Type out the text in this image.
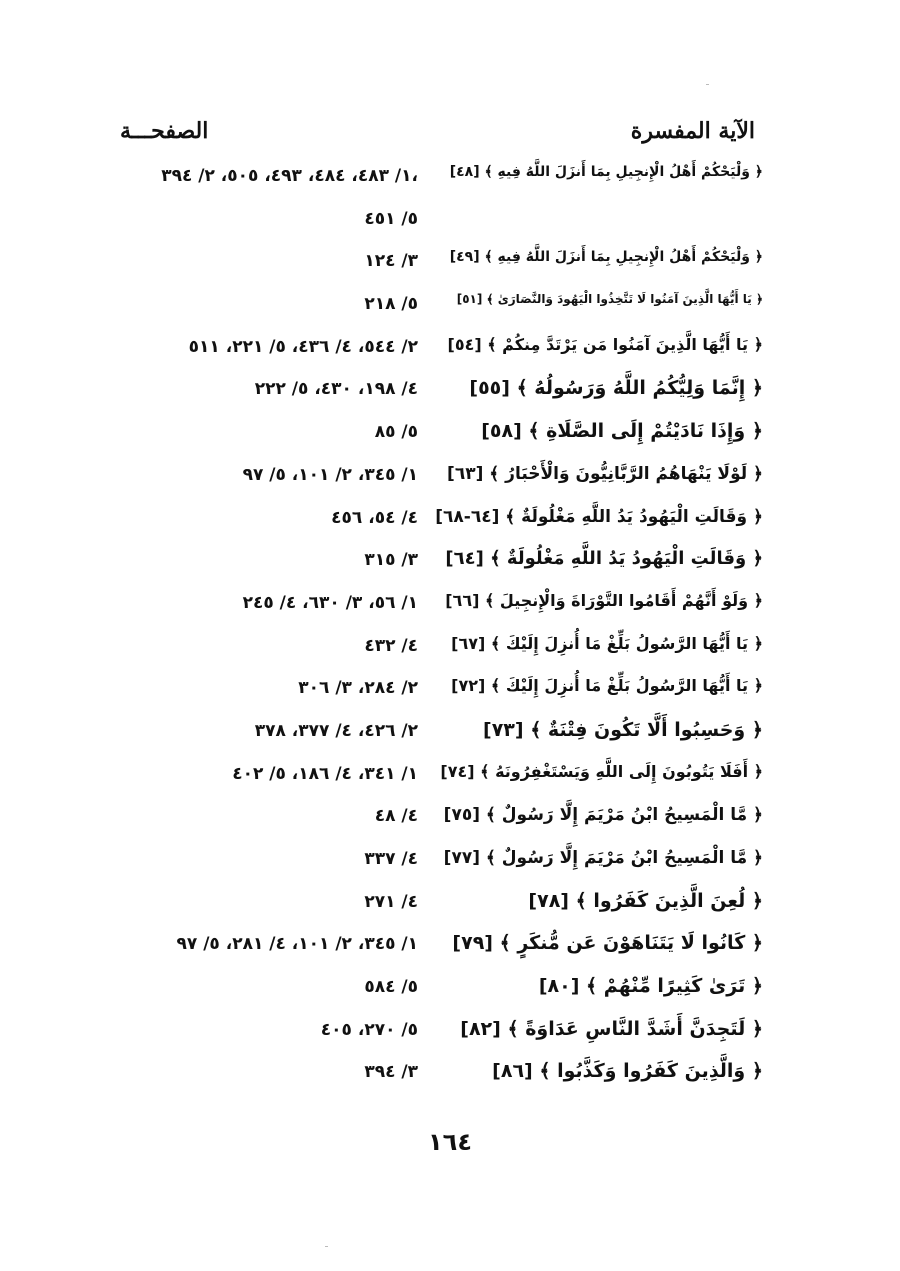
الآية المفسرة
الصفحـــة
﴿ وَلْيَحْكُمْ أَهْلُ الْإِنجِيلِ بِمَا أَنزَلَ اللَّهُ فِيهِ ﴾ [٤٨]
١/ ٤٨٣، ٤٨٤، ٤٩٣، ٥٠٥، ٢/ ٣٩٤،
٥/ ٤٥١
﴿ وَلْيَحْكُمْ أَهْلُ الْإِنجِيلِ بِمَا أَنزَلَ اللَّهُ فِيهِ ﴾ [٤٩]
٣/ ١٢٤
﴿ يَا أَيُّهَا الَّذِينَ آمَنُوا لَا تَتَّخِذُوا الْيَهُودَ وَالنَّصَارَىٰ ﴾ [٥١]
٥/ ٢١٨
﴿ يَا أَيُّهَا الَّذِينَ آمَنُوا مَن يَرْتَدَّ مِنكُمْ ﴾ [٥٤]
٢/ ٥٤٤، ٤/ ٤٣٦، ٥/ ٢٢١، ٥١١
﴿ إِنَّمَا وَلِيُّكُمُ اللَّهُ وَرَسُولُهُ ﴾ [٥٥]
٤/ ١٩٨، ٤٣٠، ٥/ ٢٢٢
﴿ وَإِذَا نَادَيْتُمْ إِلَى الصَّلَاةِ ﴾ [٥٨]
٥/ ٨٥
﴿ لَوْلَا يَنْهَاهُمُ الرَّبَّانِيُّونَ وَالْأَحْبَارُ ﴾ [٦٣]
١/ ٣٤٥، ٢/ ١٠١، ٥/ ٩٧
﴿ وَقَالَتِ الْيَهُودُ يَدُ اللَّهِ مَغْلُولَةٌ ﴾ [٦٤-٦٨]
٤/ ٥٤، ٤٥٦
﴿ وَقَالَتِ الْيَهُودُ يَدُ اللَّهِ مَغْلُولَةٌ ﴾ [٦٤]
٣/ ٣١٥
﴿ وَلَوْ أَنَّهُمْ أَقَامُوا التَّوْرَاةَ وَالْإِنجِيلَ ﴾ [٦٦]
١/ ٥٦، ٣/ ٦٣٠، ٤/ ٢٤٥
﴿ يَا أَيُّهَا الرَّسُولُ بَلِّغْ مَا أُنزِلَ إِلَيْكَ ﴾ [٦٧]
٤/ ٤٣٢
﴿ يَا أَيُّهَا الرَّسُولُ بَلِّغْ مَا أُنزِلَ إِلَيْكَ ﴾ [٧٢]
٢/ ٢٨٤، ٣/ ٣٠٦
﴿ وَحَسِبُوا أَلَّا تَكُونَ فِتْنَةٌ ﴾ [٧٣]
٢/ ٤٢٦، ٤/ ٣٧٧، ٣٧٨
﴿ أَفَلَا يَتُوبُونَ إِلَى اللَّهِ وَيَسْتَغْفِرُونَهُ ﴾ [٧٤]
١/ ٣٤١، ٤/ ١٨٦، ٥/ ٤٠٢
﴿ مَّا الْمَسِيحُ ابْنُ مَرْيَمَ إِلَّا رَسُولٌ ﴾ [٧٥]
٤/ ٤٨
﴿ مَّا الْمَسِيحُ ابْنُ مَرْيَمَ إِلَّا رَسُولٌ ﴾ [٧٧]
٤/ ٣٣٧
﴿ لُعِنَ الَّذِينَ كَفَرُوا ﴾ [٧٨]
٤/ ٢٧١
﴿ كَانُوا لَا يَتَنَاهَوْنَ عَن مُّنكَرٍ ﴾ [٧٩]
١/ ٣٤٥، ٢/ ١٠١، ٤/ ٢٨١، ٥/ ٩٧
﴿ تَرَىٰ كَثِيرًا مِّنْهُمْ ﴾ [٨٠]
٥/ ٥٨٤
﴿ لَتَجِدَنَّ أَشَدَّ النَّاسِ عَدَاوَةً ﴾ [٨٢]
٥/ ٢٧٠، ٤٠٥
﴿ وَالَّذِينَ كَفَرُوا وَكَذَّبُوا ﴾ [٨٦]
٣/ ٣٩٤
١٦٤
